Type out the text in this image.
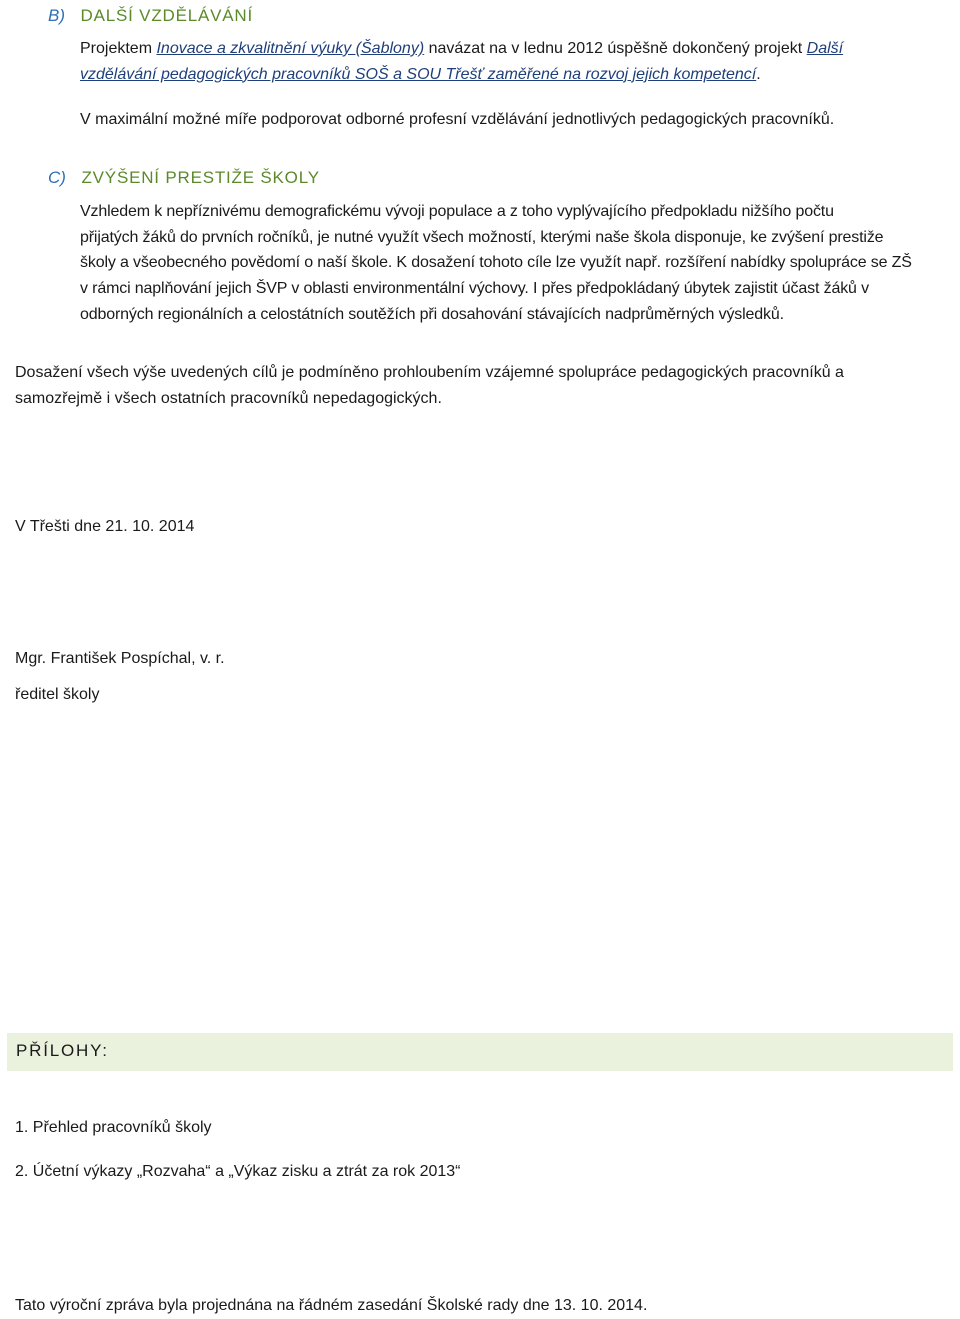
B) DALŠÍ VZDĚLÁVÁNÍ
Projektem Inovace a zkvalitnění výuky (Šablony) navázat na v lednu 2012 úspěšně dokončený projekt Další
vzdělávání pedagogických pracovníků SOŠ a SOU Třešť zaměřené na rozvoj jejich kompetencí.
V maximální možné míře podporovat odborné profesní vzdělávání jednotlivých pedagogických pracovníků.
C) ZVÝŠENÍ PRESTIŽE ŠKOLY
Vzhledem k nepříznivému demografickému vývoji populace a z toho vyplývajícího předpokladu nižšího počtu
přijatých žáků do prvních ročníků, je nutné využít všech možností, kterými naše škola disponuje, ke zvýšení prestiže
školy a všeobecného povědomí o naší škole. K dosažení tohoto cíle lze využít např. rozšíření nabídky spolupráce se ZŠ
v rámci naplňování jejich ŠVP v oblasti environmentální výchovy. I přes předpokládaný úbytek zajistit účast žáků v
odborných regionálních a celostátních soutěžích při dosahování stávajících nadprůměrných výsledků.
Dosažení všech výše uvedených cílů je podmíněno prohloubením vzájemné spolupráce pedagogických pracovníků a
samozřejmě i všech ostatních pracovníků nepedagogických.
V Třešti dne 21. 10. 2014
Mgr. František Pospíchal, v. r.
ředitel školy
PŘÍLOHY:
1. Přehled pracovníků školy
2. Účetní výkazy „Rozvaha“ a „Výkaz zisku a ztrát za rok 2013“
Tato výroční zpráva byla projednána na řádném zasedání Školské rady dne 13. 10. 2014.
